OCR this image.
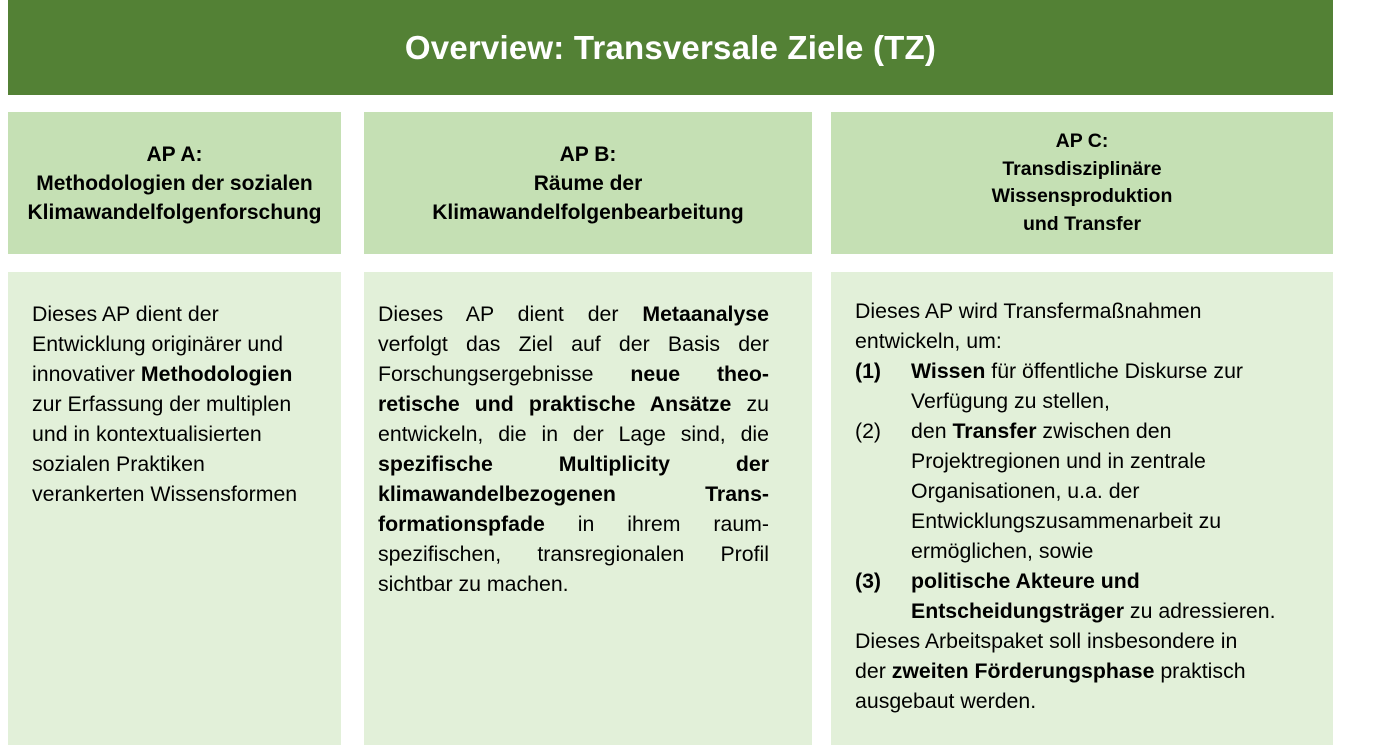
Overview: Transversale Ziele (TZ)
AP A:
Methodologien der sozialen
Klimawandelfolgenforschung
AP B:
Räume der
Klimawandelfolgenbearbeitung
AP C:
Transdisziplinäre
Wissensproduktion
und Transfer
Dieses AP dient der
Entwicklung originärer und
innovativer Methodologien
zur Erfassung der multiplen
und in kontextualisierten
sozialen Praktiken
verankerten Wissensformen
Dieses AP dient der Metaanalyse
verfolgt das Ziel auf der Basis der
Forschungsergebnisse neue theo-
retische und praktische Ansätze zu
entwickeln, die in der Lage sind, die
spezifische Multiplicity der
klimawandelbezogenen Trans-
formationspfade in ihrem raum-
spezifischen, transregionalen Profil
sichtbar zu machen.
Dieses AP wird Transfermaßnahmen
entwickeln, um:
(1)	Wissen für öffentliche Diskurse zur
Verfügung zu stellen,
(2)	den Transfer zwischen den
Projektregionen und in zentrale
Organisationen, u.a. der
Entwicklungszusammenarbeit zu
ermöglichen, sowie
(3)	politische Akteure und
Entscheidungsträger zu adressieren.
Dieses Arbeitspaket soll insbesondere in
der zweiten Förderungsphase praktisch
ausgebaut werden.
